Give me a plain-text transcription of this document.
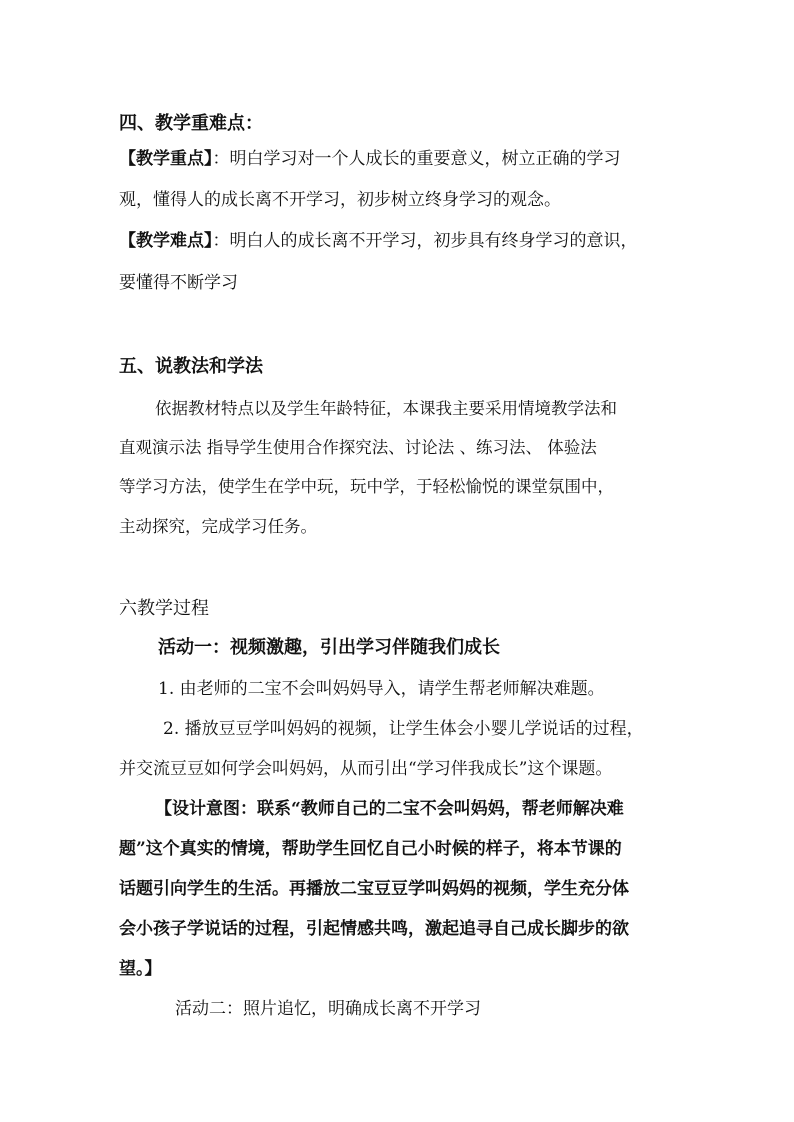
四、教学重难点：
【教学重点】：明白学习对一个人成长的重要意义，树立正确的学习
观，懂得人的成长离不开学习，初步树立终身学习的观念。
【教学难点】：明白人的成长离不开学习，初步具有终身学习的意识，
要懂得不断学习
五、说教法和学法
依据教材特点以及学生年龄特征，本课我主要采用情境教学法和
直观演示法 指导学生使用合作探究法、讨论法 、练习法、 体验法
等学习方法，使学生在学中玩，玩中学，于轻松愉悦的课堂氛围中，
主动探究，完成学习任务。
六教学过程
活动一：视频激趣，引出学习伴随我们成长
1. 由老师的二宝不会叫妈妈导入，请学生帮老师解决难题。
2. 播放豆豆学叫妈妈的视频，让学生体会小婴儿学说话的过程，
并交流豆豆如何学会叫妈妈，从而引出“学习伴我成长”这个课题。
【设计意图：联系“教师自己的二宝不会叫妈妈，帮老师解决难
题”这个真实的情境，帮助学生回忆自己小时候的样子，将本节课的
话题引向学生的生活。再播放二宝豆豆学叫妈妈的视频，学生充分体
会小孩子学说话的过程，引起情感共鸣，激起追寻自己成长脚步的欲
望。】
活动二：照片追忆，明确成长离不开学习
